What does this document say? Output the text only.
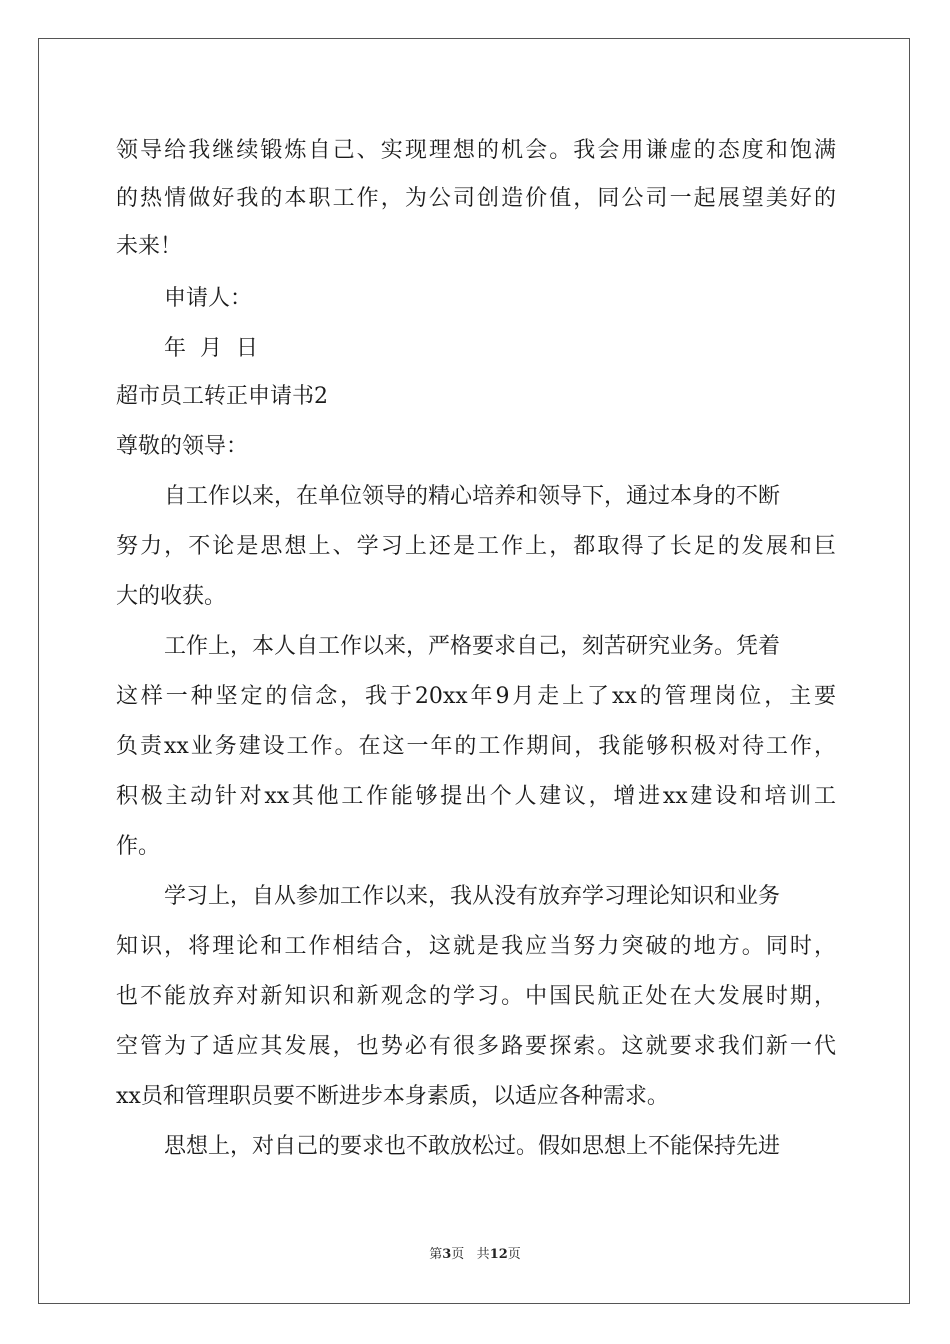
领导给我继续锻炼自己、实现理想的机会。我会用谦虚的态度和饱满
的热情做好我的本职工作，为公司创造价值，同公司一起展望美好的
未来！
申请人：
年  月  日
超市员工转正申请书2
尊敬的领导：
自工作以来，在单位领导的精心培养和领导下，通过本身的不断
努力，不论是思想上、学习上还是工作上，都取得了长足的发展和巨
大的收获。
工作上，本人自工作以来，严格要求自己，刻苦研究业务。凭着
这样一种坚定的信念，我于20xx年9月走上了xx的管理岗位，主要
负责xx业务建设工作。在这一年的工作期间，我能够积极对待工作，
积极主动针对xx其他工作能够提出个人建议，增进xx建设和培训工
作。
学习上，自从参加工作以来，我从没有放弃学习理论知识和业务
知识，将理论和工作相结合，这就是我应当努力突破的地方。同时，
也不能放弃对新知识和新观念的学习。中国民航正处在大发展时期，
空管为了适应其发展，也势必有很多路要探索。这就要求我们新一代
xx员和管理职员要不断进步本身素质，以适应各种需求。
思想上，对自己的要求也不敢放松过。假如思想上不能保持先进
第3页 共12页
